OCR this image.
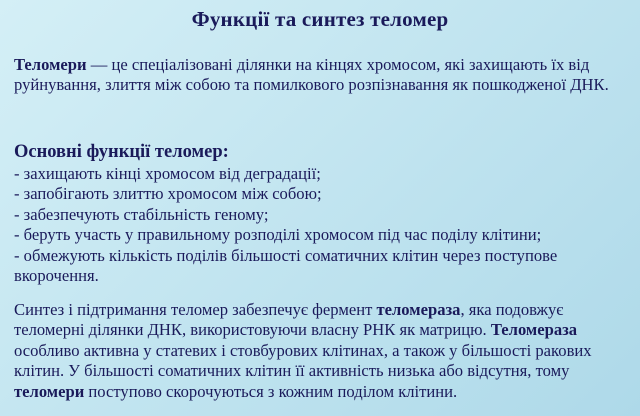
Функції та синтез теломер

Теломери — це спеціалізовані ділянки на кінцях хромосом, які захищають їх від руйнування, злиття між собою та помилкового розпізнавання як пошкодженої ДНК.

Основні функції теломер:
- захищають кінці хромосом від деградації;
- запобігають злиттю хромосом між собою;
- забезпечують стабільність геному;
- беруть участь у правильному розподілі хромосом під час поділу клітини;
- обмежують кількість поділів більшості соматичних клітин через поступове вкорочення.

Синтез і підтримання теломер забезпечує фермент теломераза, яка подовжує теломерні ділянки ДНК, використовуючи власну РНК як матрицю. Теломераза особливо активна у статевих і стовбурових клітинах, а також у більшості ракових клітин. У більшості соматичних клітин її активність низька або відсутня, тому теломери поступово скорочуються з кожним поділом клітини.
